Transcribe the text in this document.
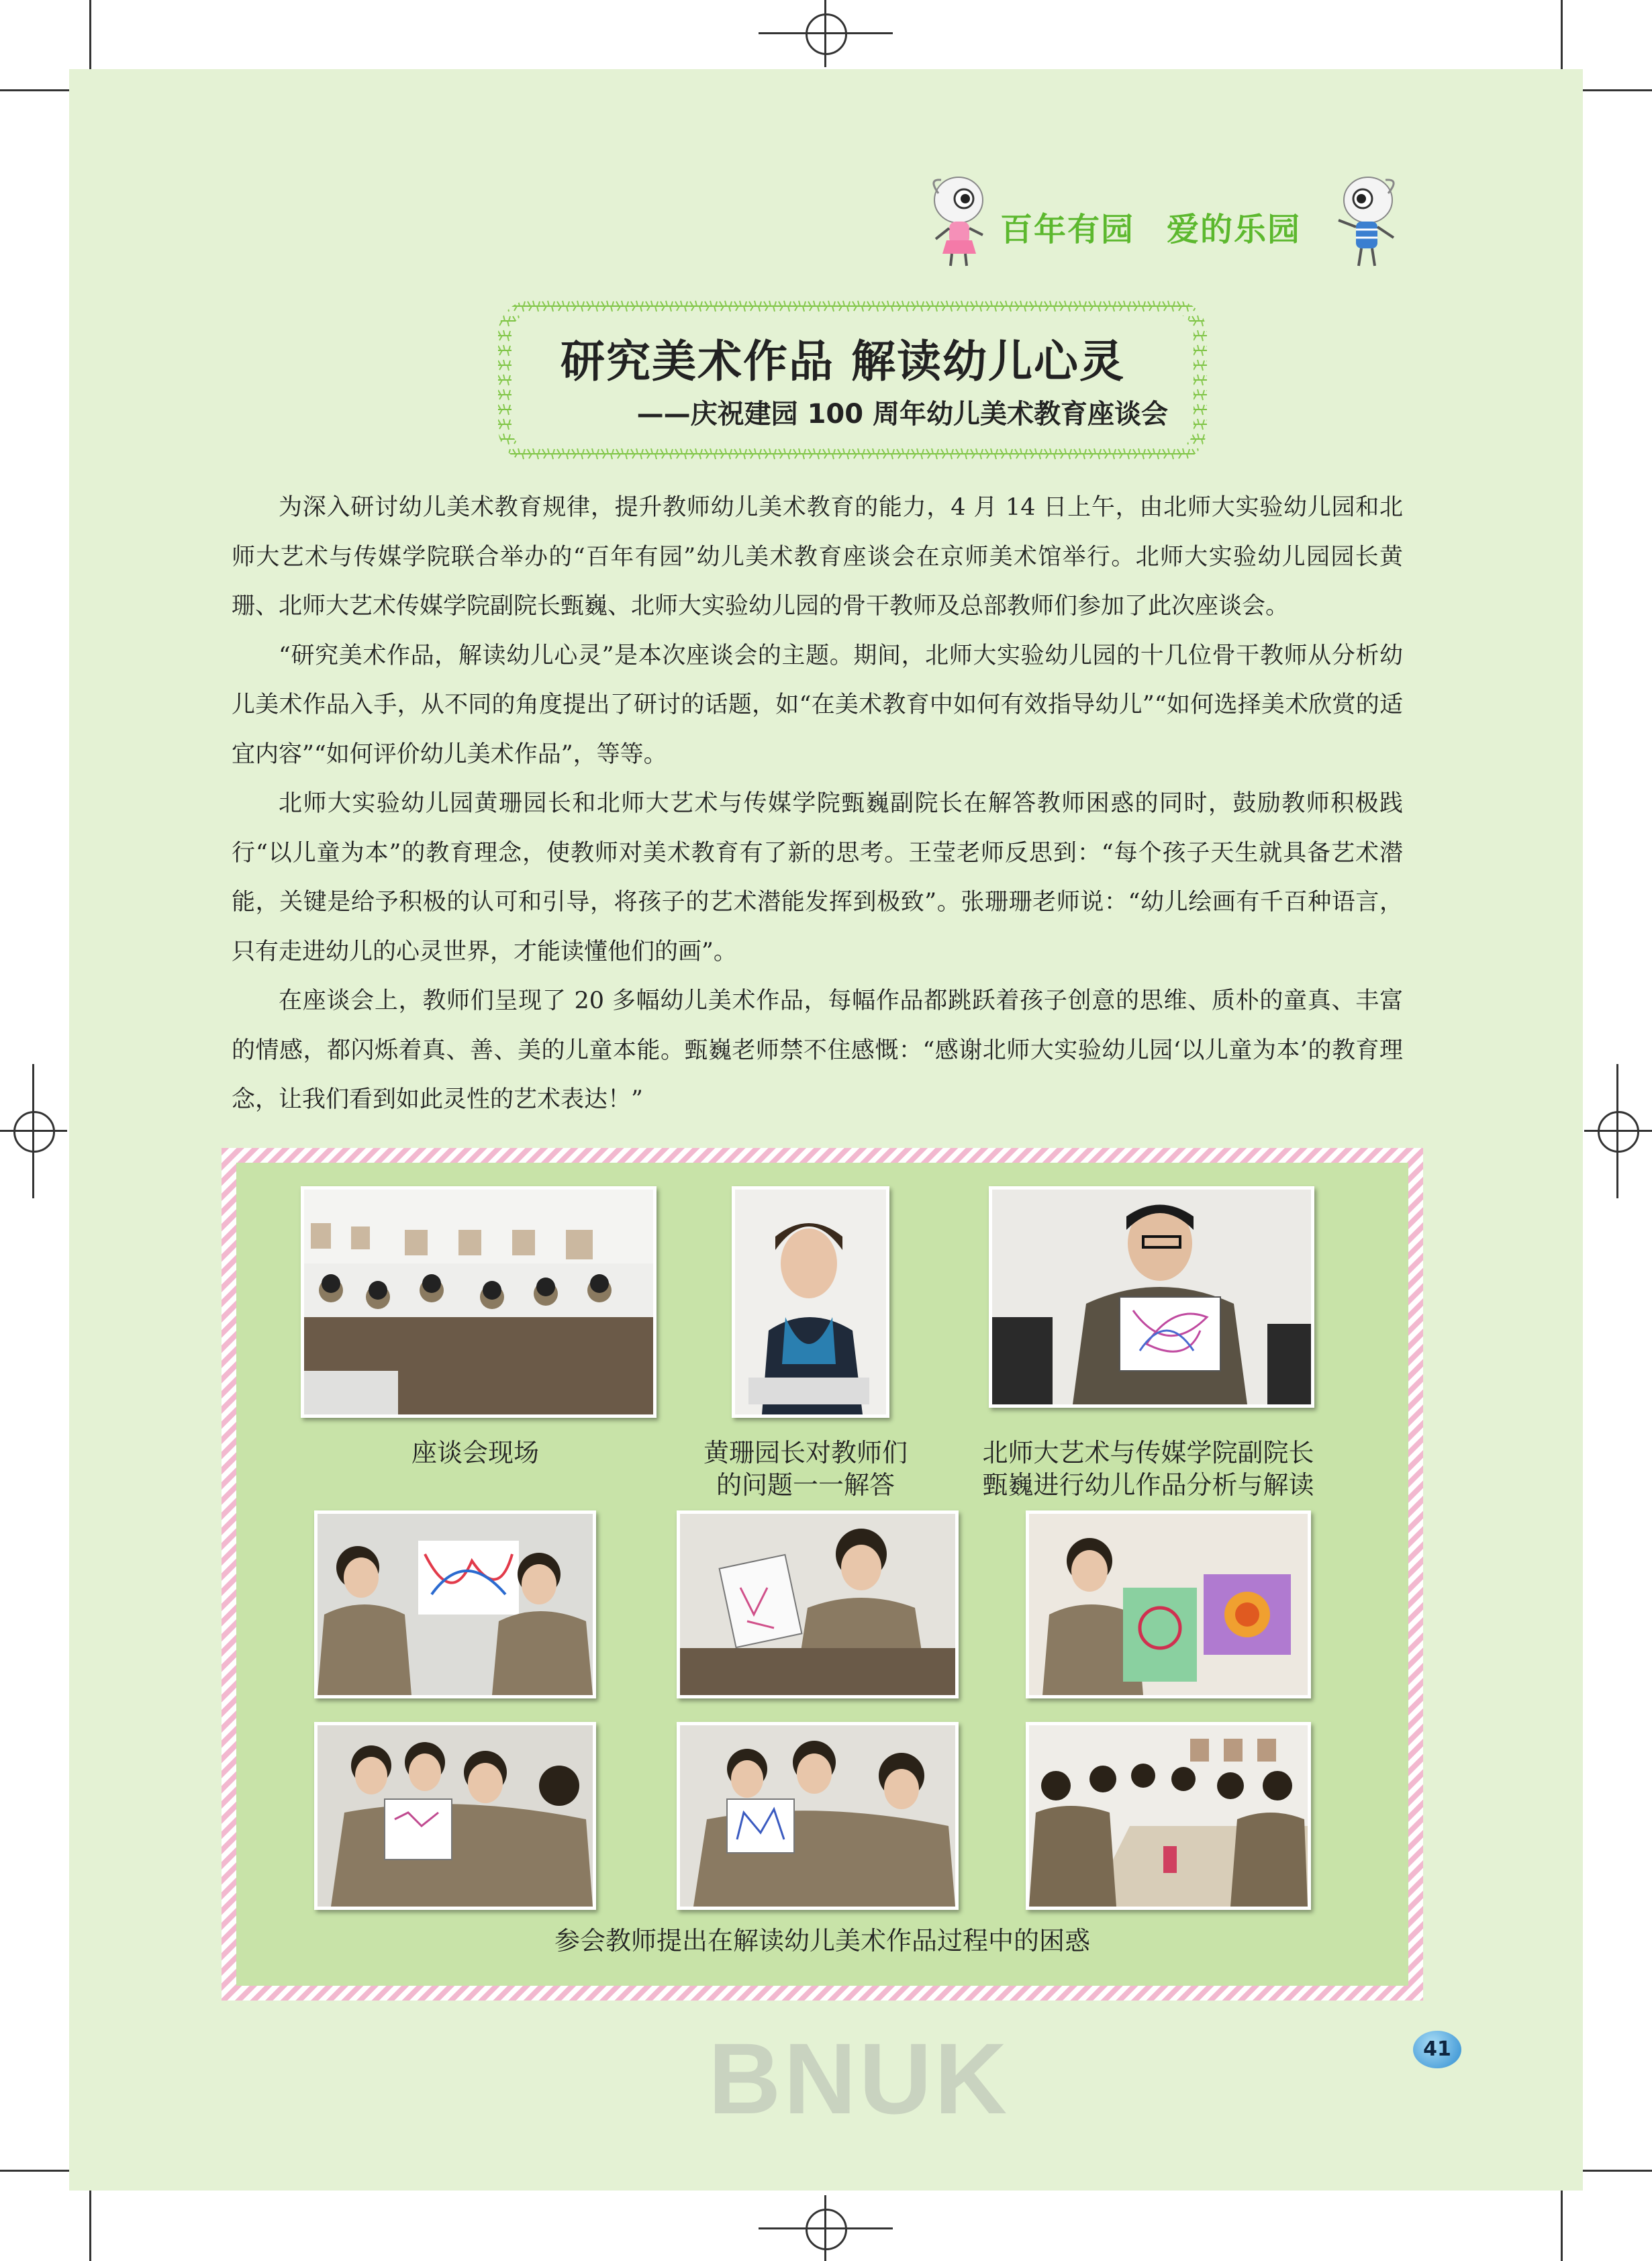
百年有园 爱的乐园
研究美术作品 解读幼儿心灵
——庆祝建园 100 周年幼儿美术教育座谈会

为深入研讨幼儿美术教育规律，提升教师幼儿美术教育的能力，4 月 14 日上午，由北师大实验幼儿园和北师大艺术与传媒学院联合举办的“百年有园”幼儿美术教育座谈会在京师美术馆举行。北师大实验幼儿园园长黄珊、北师大艺术传媒学院副院长甄巍、北师大实验幼儿园的骨干教师及总部教师们参加了此次座谈会。

“研究美术作品，解读幼儿心灵”是本次座谈会的主题。期间，北师大实验幼儿园的十几位骨干教师从分析幼儿美术作品入手，从不同的角度提出了研讨的话题，如“在美术教育中如何有效指导幼儿”“如何选择美术欣赏的适宜内容”“如何评价幼儿美术作品”，等等。

北师大实验幼儿园黄珊园长和北师大艺术与传媒学院甄巍副院长在解答教师困惑的同时，鼓励教师积极践行“以儿童为本”的教育理念，使教师对美术教育有了新的思考。王莹老师反思到：“每个孩子天生就具备艺术潜能，关键是给予积极的认可和引导，将孩子的艺术潜能发挥到极致”。张珊珊老师说：“幼儿绘画有千百种语言，只有走进幼儿的心灵世界，才能读懂他们的画”。

在座谈会上，教师们呈现了 20 多幅幼儿美术作品，每幅作品都跳跃着孩子创意的思维、质朴的童真、丰富的情感，都闪烁着真、善、美的儿童本能。甄巍老师禁不住感慨：“感谢北师大实验幼儿园‘以儿童为本’的教育理念，让我们看到如此灵性的艺术表达！”

座谈会现场	黄珊园长对教师们
的问题一一解答
北师大艺术与传媒学院副院长
甄巍进行幼儿作品分析与解读
参会教师提出在解读幼儿美术作品过程中的困惑
BNUK	41
